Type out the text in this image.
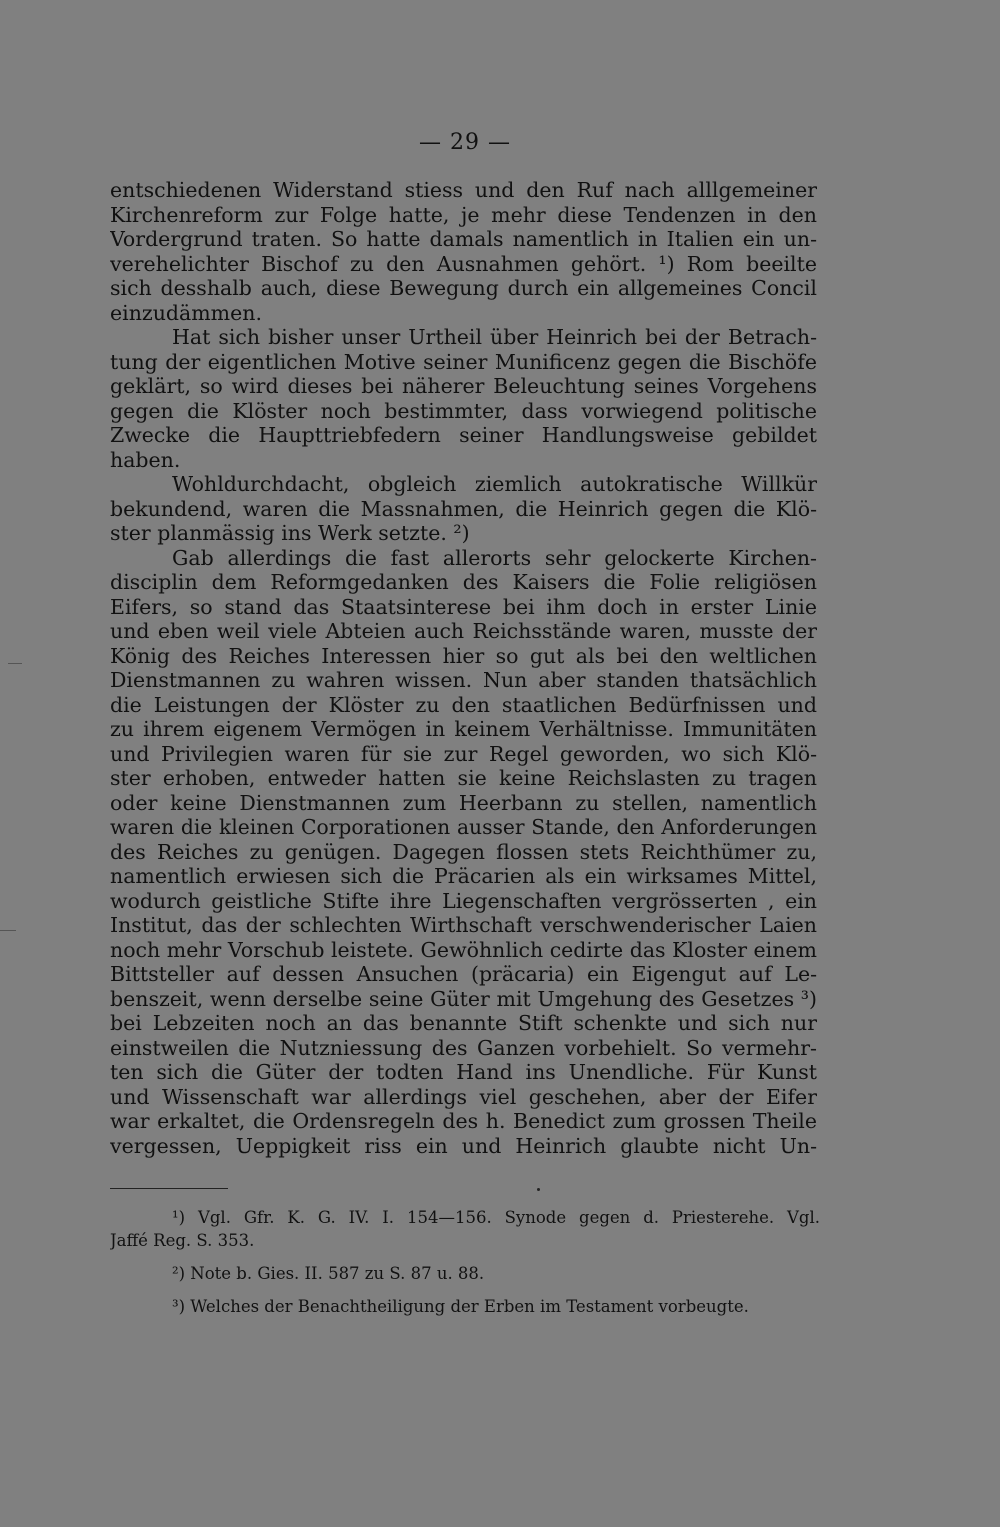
— 29 —
entschiedenen Widerstand stiess und den Ruf nach alllgemeiner
Kirchenreform zur Folge hatte, je mehr diese Tendenzen in den
Vordergrund traten. So hatte damals namentlich in Italien ein un-
verehelichter Bischof zu den Ausnahmen gehört. ¹) Rom beeilte
sich desshalb auch, diese Bewegung durch ein allgemeines Concil
einzudämmen.
Hat sich bisher unser Urtheil über Heinrich bei der Betrach-
tung der eigentlichen Motive seiner Munificenz gegen die Bischöfe
geklärt, so wird dieses bei näherer Beleuchtung seines Vorgehens
gegen die Klöster noch bestimmter, dass vorwiegend politische
Zwecke die Haupttriebfedern seiner Handlungsweise gebildet
haben.
Wohldurchdacht, obgleich ziemlich autokratische Willkür
bekundend, waren die Massnahmen, die Heinrich gegen die Klö-
ster planmässig ins Werk setzte. ²)
Gab allerdings die fast allerorts sehr gelockerte Kirchen-
disciplin dem Reformgedanken des Kaisers die Folie religiösen
Eifers, so stand das Staatsinterese bei ihm doch in erster Linie
und eben weil viele Abteien auch Reichsstände waren, musste der
König des Reiches Interessen hier so gut als bei den weltlichen
Dienstmannen zu wahren wissen. Nun aber standen thatsächlich
die Leistungen der Klöster zu den staatlichen Bedürfnissen und
zu ihrem eigenem Vermögen in keinem Verhältnisse. Immunitäten
und Privilegien waren für sie zur Regel geworden, wo sich Klö-
ster erhoben, entweder hatten sie keine Reichslasten zu tragen
oder keine Dienstmannen zum Heerbann zu stellen, namentlich
waren die kleinen Corporationen ausser Stande, den Anforderungen
des Reiches zu genügen. Dagegen flossen stets Reichthümer zu,
namentlich erwiesen sich die Präcarien als ein wirksames Mittel,
wodurch geistliche Stifte ihre Liegenschaften vergrösserten , ein
Institut, das der schlechten Wirthschaft verschwenderischer Laien
noch mehr Vorschub leistete. Gewöhnlich cedirte das Kloster einem
Bittsteller auf dessen Ansuchen (präcaria) ein Eigengut auf Le-
benszeit, wenn derselbe seine Güter mit Umgehung des Gesetzes ³)
bei Lebzeiten noch an das benannte Stift schenkte und sich nur
einstweilen die Nutzniessung des Ganzen vorbehielt. So vermehr-
ten sich die Güter der todten Hand ins Unendliche. Für Kunst
und Wissenschaft war allerdings viel geschehen, aber der Eifer
war erkaltet, die Ordensregeln des h. Benedict zum grossen Theile
vergessen, Ueppigkeit riss ein und Heinrich glaubte nicht Un-
¹) Vgl. Gfr. K. G. IV. I. 154—156. Synode gegen d. Priesterehe. Vgl.
Jaffé Reg. S. 353.
²) Note b. Gies. II. 587 zu S. 87 u. 88.
³) Welches der Benachtheiligung der Erben im Testament vorbeugte.
